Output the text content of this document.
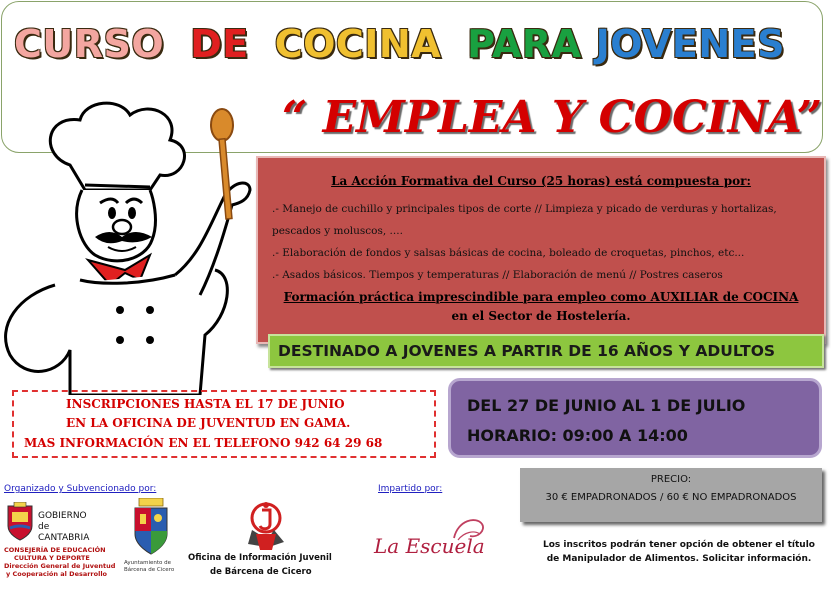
CURSO DE COCINA PARA JOVENES
“ EMPLEA Y COCINA”
La Acción Formativa del Curso (25 horas) está compuesta por:
.- Manejo de cuchillo y principales tipos de corte // Limpieza y picado de verduras y hortalizas,
pescados y moluscos, ....
.- Elaboración de fondos y salsas básicas de cocina, boleado de croquetas, pinchos, etc...
.- Asados básicos. Tiempos y temperaturas // Elaboración de menú // Postres caseros
Formación práctica imprescindible para empleo como AUXILIAR de COCINA
en el Sector de Hostelería.
DESTINADO A JOVENES A PARTIR DE 16 AÑOS Y ADULTOS
INSCRIPCIONES HASTA EL 17 DE JUNIO
EN LA OFICINA DE JUVENTUD EN GAMA.
MAS INFORMACIÓN EN EL TELEFONO 942 64 29 68
DEL 27 DE JUNIO AL 1 DE JULIO
HORARIO: 09:00 A 14:00
Organizado y Subvencionado por:
GOBIERNO
de
CANTABRIA
CONSEJERÍA DE EDUCACIÓN
CULTURA Y DEPORTE
Dirección General de Juventud
y Cooperación al Desarrollo
Ayuntamiento de
Bárcena de Cicero
Oficina de Información Juvenil
de Bárcena de Cicero
Impartido por:
La Escuela
PRECIO:
30 € EMPADRONADOS / 60 € NO EMPADRONADOS
Los inscritos podrán tener opción de obtener el título
de Manipulador de Alimentos. Solicitar información.
